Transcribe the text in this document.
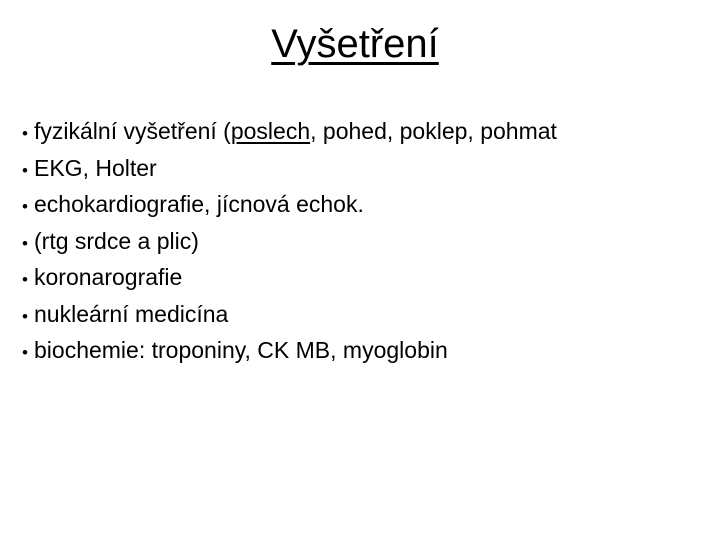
Vyšetření
• fyzikální vyšetření (poslech, pohed, poklep, pohmat
• EKG, Holter
• echokardiografie, jícnová echok.
• (rtg srdce a plic)
• koronarografie
• nukleární medicína
• biochemie: troponiny, CK MB, myoglobin
